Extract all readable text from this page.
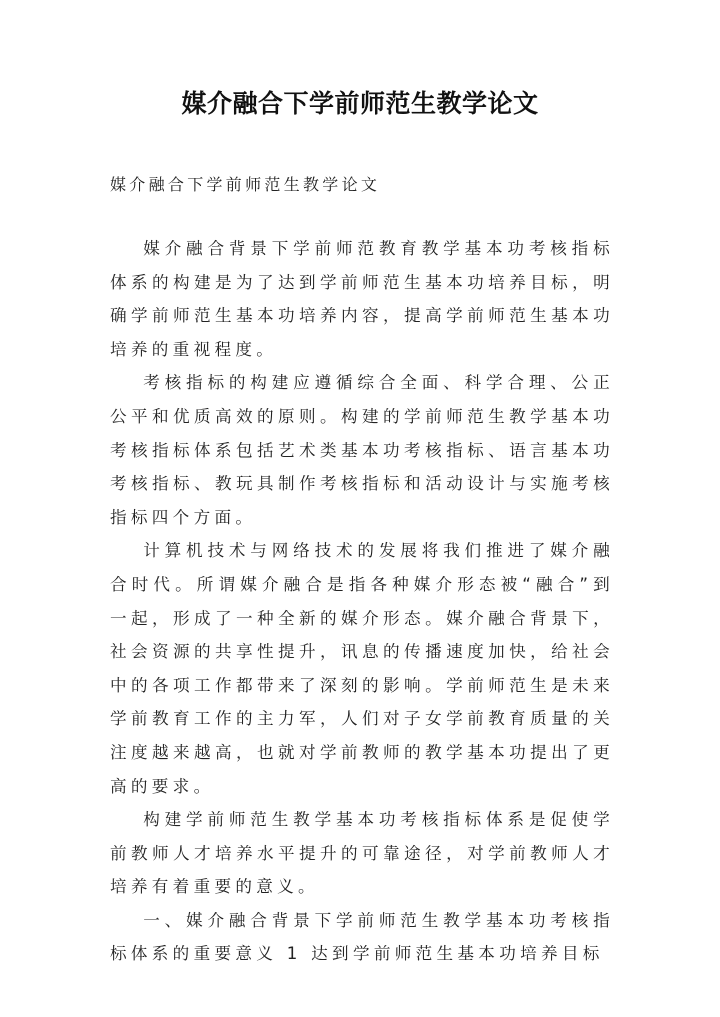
媒介融合下学前师范生教学论文
媒介融合下学前师范生教学论文

媒介融合背景下学前师范教育教学基本功考核指标体系的构建是为了达到学前师范生基本功培养目标，明确学前师范生基本功培养内容，提高学前师范生基本功培养的重视程度。

考核指标的构建应遵循综合全面、科学合理、公正公平和优质高效的原则。构建的学前师范生教学基本功考核指标体系包括艺术类基本功考核指标、语言基本功考核指标、教玩具制作考核指标和活动设计与实施考核指标四个方面。

计算机技术与网络技术的发展将我们推进了媒介融合时代。所谓媒介融合是指各种媒介形态被“融合”到一起，形成了一种全新的媒介形态。媒介融合背景下，社会资源的共享性提升，讯息的传播速度加快，给社会中的各项工作都带来了深刻的影响。学前师范生是未来学前教育工作的主力军，人们对子女学前教育质量的关注度越来越高，也就对学前教师的教学基本功提出了更高的要求。

构建学前师范生教学基本功考核指标体系是促使学前教师人才培养水平提升的可靠途径，对学前教师人才培养有着重要的意义。

一、媒介融合背景下学前师范生教学基本功考核指标体系的重要意义 1 达到学前师范生基本功培养目标
